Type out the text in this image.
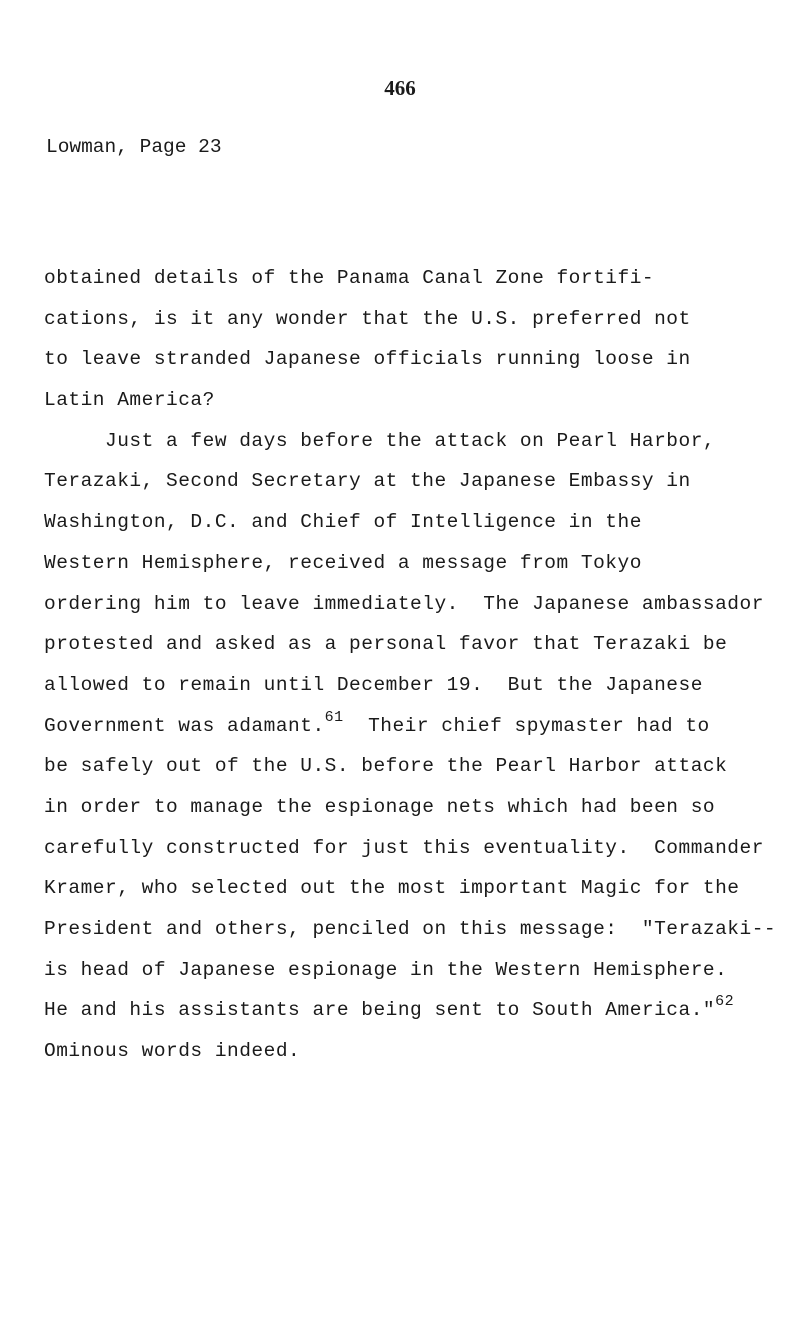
466
Lowman, Page 23
obtained details of the Panama Canal Zone fortifi-
cations, is it any wonder that the U.S. preferred not
to leave stranded Japanese officials running loose in
Latin America?
Just a few days before the attack on Pearl Harbor,
Terazaki, Second Secretary at the Japanese Embassy in
Washington, D.C. and Chief of Intelligence in the
Western Hemisphere, received a message from Tokyo
ordering him to leave immediately.  The Japanese ambassador
protested and asked as a personal favor that Terazaki be
allowed to remain until December 19.  But the Japanese
Government was adamant.$^{61}$  Their chief spymaster had to
be safely out of the U.S. before the Pearl Harbor attack
in order to manage the espionage nets which had been so
carefully constructed for just this eventuality.  Commander
Kramer, who selected out the most important Magic for the
President and others, penciled on this message:  "Terazaki--
is head of Japanese espionage in the Western Hemisphere.
He and his assistants are being sent to South America."$^{62}$
Ominous words indeed.
